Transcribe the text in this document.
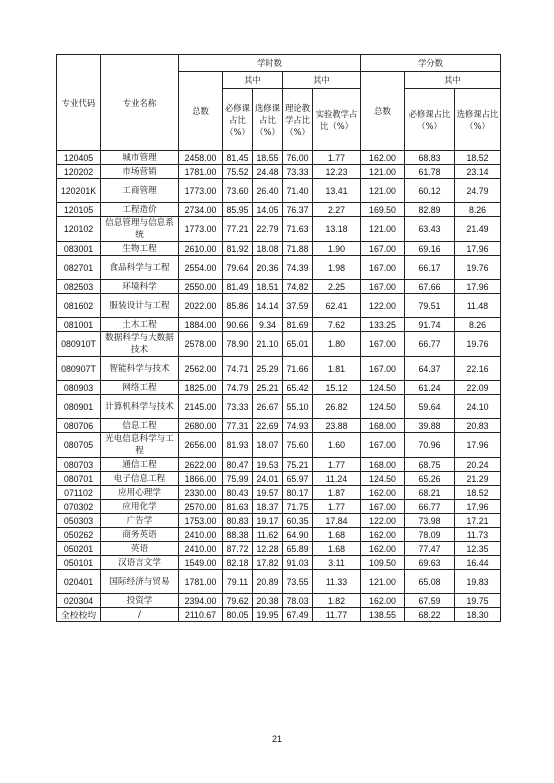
专业代码	专业名称	学时数					学分数		
		总数	其中		其中		总数	其中	
			必修课占比（%）	选修课占比（%）	理论教学占比（%）	实验教学占比（%）		必修课占比（%）	选修课占比（%）
120405	城市管理	2458.00	81.45	18.55	76.00	1.77	162.00	68.83	18.52
120202	市场营销	1781.00	75.52	24.48	73.33	12.23	121.00	61.78	23.14
120201K	工商管理	1773.00	73.60	26.40	71.40	13.41	121.00	60.12	24.79
120105	工程造价	2734.00	85.95	14.05	76.37	2.27	169.50	82.89	8.26
120102	信息管理与信息系统	1773.00	77.21	22.79	71.63	13.18	121.00	63.43	21.49
083001	生物工程	2610.00	81.92	18.08	71.88	1.90	167.00	69.16	17.96
082701	食品科学与工程	2554.00	79.64	20.36	74.39	1.98	167.00	66.17	19.76
082503	环境科学	2550.00	81.49	18.51	74.82	2.25	167.00	67.66	17.96
081602	服装设计与工程	2022.00	85.86	14.14	37.59	62.41	122.00	79.51	11.48
081001	土木工程	1884.00	90.66	9.34	81.69	7.62	133.25	91.74	8.26
080910T	数据科学与大数据技术	2578.00	78.90	21.10	65.01	1.80	167.00	66.77	19.76
080907T	智能科学与技术	2562.00	74.71	25.29	71.66	1.81	167.00	64.37	22.16
080903	网络工程	1825.00	74.79	25.21	65.42	15.12	124.50	61.24	22.09
080901	计算机科学与技术	2145.00	73.33	26.67	55.10	26.82	124.50	59.64	24.10
080706	信息工程	2680.00	77.31	22.69	74.93	23.88	168.00	39.88	20.83
080705	光电信息科学与工程	2656.00	81.93	18.07	75.60	1.60	167.00	70.96	17.96
080703	通信工程	2622.00	80.47	19.53	75.21	1.77	168.00	68.75	20.24
080701	电子信息工程	1866.00	75.99	24.01	65.97	11.24	124.50	65.26	21.29
071102	应用心理学	2330.00	80.43	19.57	80.17	1.87	162.00	68.21	18.52
070302	应用化学	2570.00	81.63	18.37	71.75	1.77	167.00	66.77	17.96
050303	广告学	1753.00	80.83	19.17	60.35	17.84	122.00	73.98	17.21
050262	商务英语	2410.00	88.38	11.62	64.90	1.68	162.00	78.09	11.73
050201	英语	2410.00	87.72	12.28	65.89	1.68	162.00	77.47	12.35
050101	汉语言文学	1549.00	82.18	17.82	91.03	3.11	109.50	69.63	16.44
020401	国际经济与贸易	1781.00	79.11	20.89	73.55	11.33	121.00	65.08	19.83
020304	投资学	2394.00	79.62	20.38	78.03	1.82	162.00	67.59	19.75
全校校均	/	2110.67	80.05	19.95	67.49	11.77	138.55	68.22	18.30
21
